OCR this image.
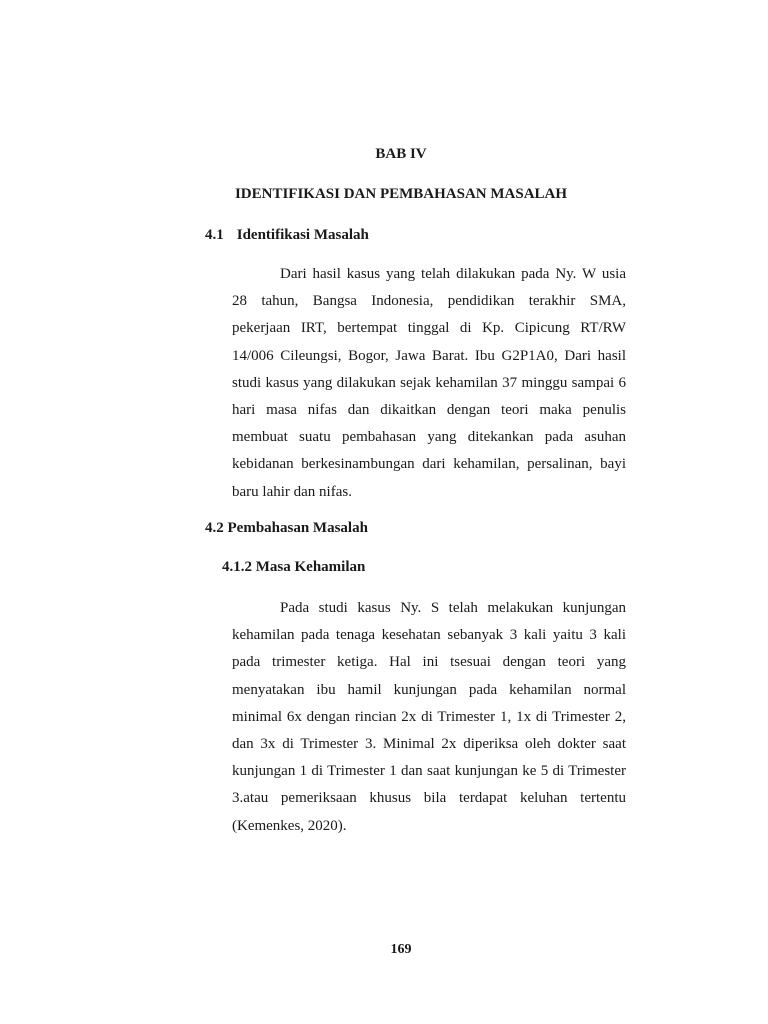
BAB IV
IDENTIFIKASI DAN PEMBAHASAN MASALAH
4.1 Identifikasi Masalah
Dari hasil kasus yang telah dilakukan pada Ny. W usia
28 tahun, Bangsa Indonesia, pendidikan terakhir SMA,
pekerjaan IRT, bertempat tinggal di Kp. Cipicung RT/RW
14/006 Cileungsi, Bogor, Jawa Barat. Ibu G2P1A0, Dari hasil
studi kasus yang dilakukan sejak kehamilan 37 minggu sampai 6
hari masa nifas dan dikaitkan dengan teori maka penulis
membuat suatu pembahasan yang ditekankan pada asuhan
kebidanan berkesinambungan dari kehamilan, persalinan, bayi
baru lahir dan nifas.
4.2 Pembahasan Masalah
4.1.2 Masa Kehamilan
Pada studi kasus Ny. S telah melakukan kunjungan
kehamilan pada tenaga kesehatan sebanyak 3 kali yaitu 3 kali
pada trimester ketiga. Hal ini tsesuai dengan teori yang
menyatakan ibu hamil kunjungan pada kehamilan normal
minimal 6x dengan rincian 2x di Trimester 1, 1x di Trimester 2,
dan 3x di Trimester 3. Minimal 2x diperiksa oleh dokter saat
kunjungan 1 di Trimester 1 dan saat kunjungan ke 5 di Trimester
3.atau pemeriksaan khusus bila terdapat keluhan tertentu
(Kemenkes, 2020).
169
